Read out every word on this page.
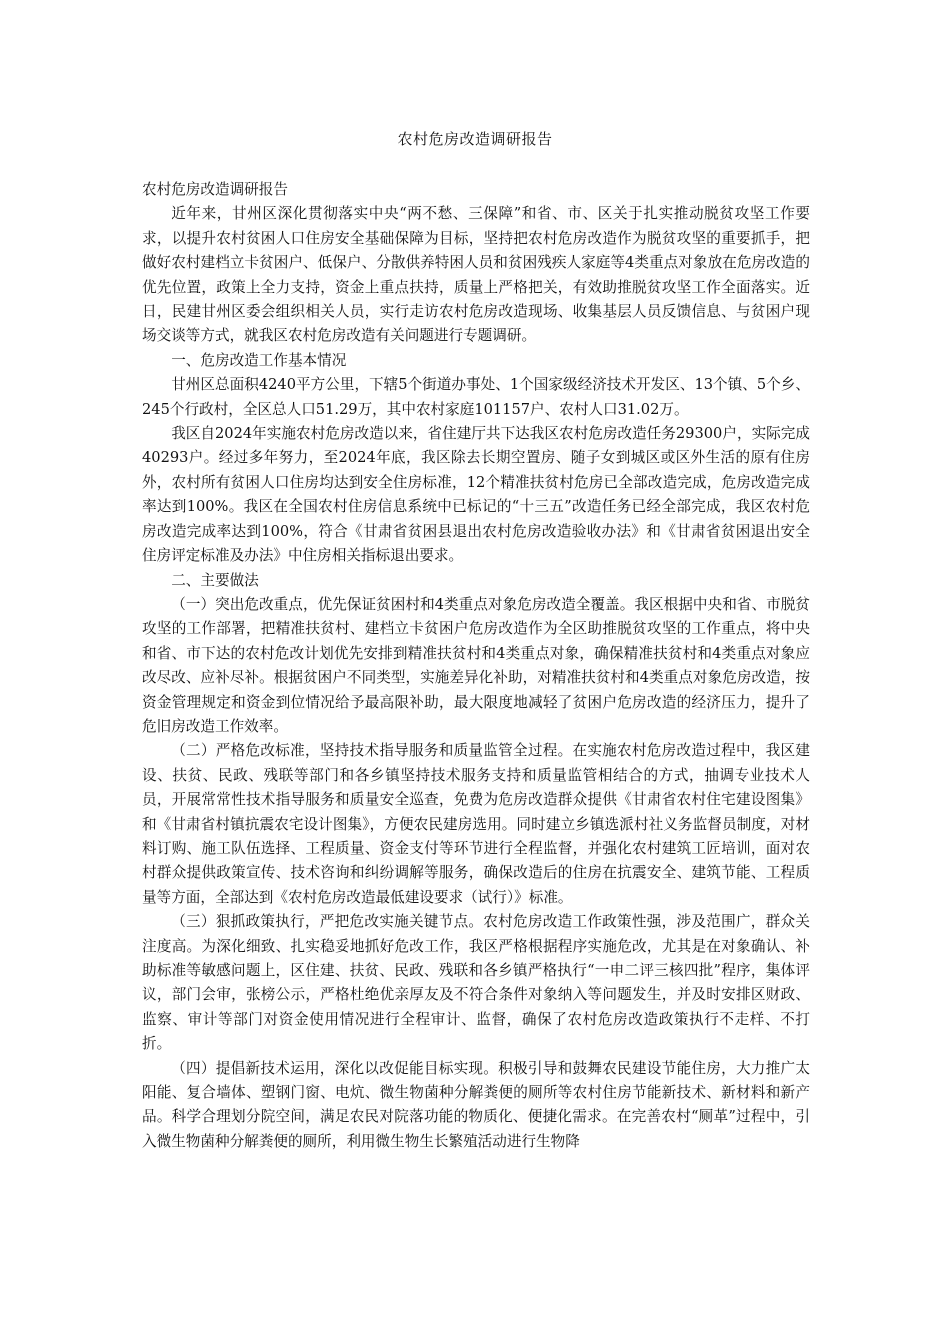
农村危房改造调研报告

农村危房改造调研报告

近年来，甘州区深化贯彻落实中央“两不愁、三保障”和省、市、区关于扎实推动脱贫攻坚工作要求，以提升农村贫困人口住房安全基础保障为目标，坚持把农村危房改造作为脱贫攻坚的重要抓手，把做好农村建档立卡贫困户、低保户、分散供养特困人员和贫困残疾人家庭等4类重点对象放在危房改造的优先位置，政策上全力支持，资金上重点扶持，质量上严格把关，有效助推脱贫攻坚工作全面落实。近日，民建甘州区委会组织相关人员，实行走访农村危房改造现场、收集基层人员反馈信息、与贫困户现场交谈等方式，就我区农村危房改造有关问题进行专题调研。

一、危房改造工作基本情况

甘州区总面积4240平方公里，下辖5个街道办事处、1个国家级经济技术开发区、13个镇、5个乡、245个行政村，全区总人口51.29万，其中农村家庭101157户、农村人口31.02万。

我区自2024年实施农村危房改造以来，省住建厅共下达我区农村危房改造任务29300户，实际完成40293户。经过多年努力，至2024年底，我区除去长期空置房、随子女到城区或区外生活的原有住房外，农村所有贫困人口住房均达到安全住房标准，12个精准扶贫村危房已全部改造完成，危房改造完成率达到100%。我区在全国农村住房信息系统中已标记的“十三五”改造任务已经全部完成，我区农村危房改造完成率达到100%，符合《甘肃省贫困县退出农村危房改造验收办法》和《甘肃省贫困退出安全住房评定标准及办法》中住房相关指标退出要求。

二、主要做法

（一）突出危改重点，优先保证贫困村和4类重点对象危房改造全覆盖。我区根据中央和省、市脱贫攻坚的工作部署，把精准扶贫村、建档立卡贫困户危房改造作为全区助推脱贫攻坚的工作重点，将中央和省、市下达的农村危改计划优先安排到精准扶贫村和4类重点对象，确保精准扶贫村和4类重点对象应改尽改、应补尽补。根据贫困户不同类型，实施差异化补助，对精准扶贫村和4类重点对象危房改造，按资金管理规定和资金到位情况给予最高限补助，最大限度地减轻了贫困户危房改造的经济压力，提升了危旧房改造工作效率。

（二）严格危改标准，坚持技术指导服务和质量监管全过程。在实施农村危房改造过程中，我区建设、扶贫、民政、残联等部门和各乡镇坚持技术服务支持和质量监管相结合的方式，抽调专业技术人员，开展常常性技术指导服务和质量安全巡查，免费为危房改造群众提供《甘肃省农村住宅建设图集》和《甘肃省村镇抗震农宅设计图集》，方便农民建房选用。同时建立乡镇选派村社义务监督员制度，对材料订购、施工队伍选择、工程质量、资金支付等环节进行全程监督，并强化农村建筑工匠培训，面对农村群众提供政策宣传、技术咨询和纠纷调解等服务，确保改造后的住房在抗震安全、建筑节能、工程质量等方面，全部达到《农村危房改造最低建设要求（试行）》标准。

（三）狠抓政策执行，严把危改实施关键节点。农村危房改造工作政策性强，涉及范围广，群众关注度高。为深化细致、扎实稳妥地抓好危改工作，我区严格根据程序实施危改，尤其是在对象确认、补助标准等敏感问题上，区住建、扶贫、民政、残联和各乡镇严格执行“一申二评三核四批”程序，集体评议，部门会审，张榜公示，严格杜绝优亲厚友及不符合条件对象纳入等问题发生，并及时安排区财政、监察、审计等部门对资金使用情况进行全程审计、监督，确保了农村危房改造政策执行不走样、不打折。

（四）提倡新技术运用，深化以改促能目标实现。积极引导和鼓舞农民建设节能住房，大力推广太阳能、复合墙体、塑钢门窗、电炕、微生物菌种分解粪便的厕所等农村住房节能新技术、新材料和新产品。科学合理划分院空间，满足农民对院落功能的物质化、便捷化需求。在完善农村“厕革”过程中，引入微生物菌种分解粪便的厕所，利用微生物生长繁殖活动进行生物降
